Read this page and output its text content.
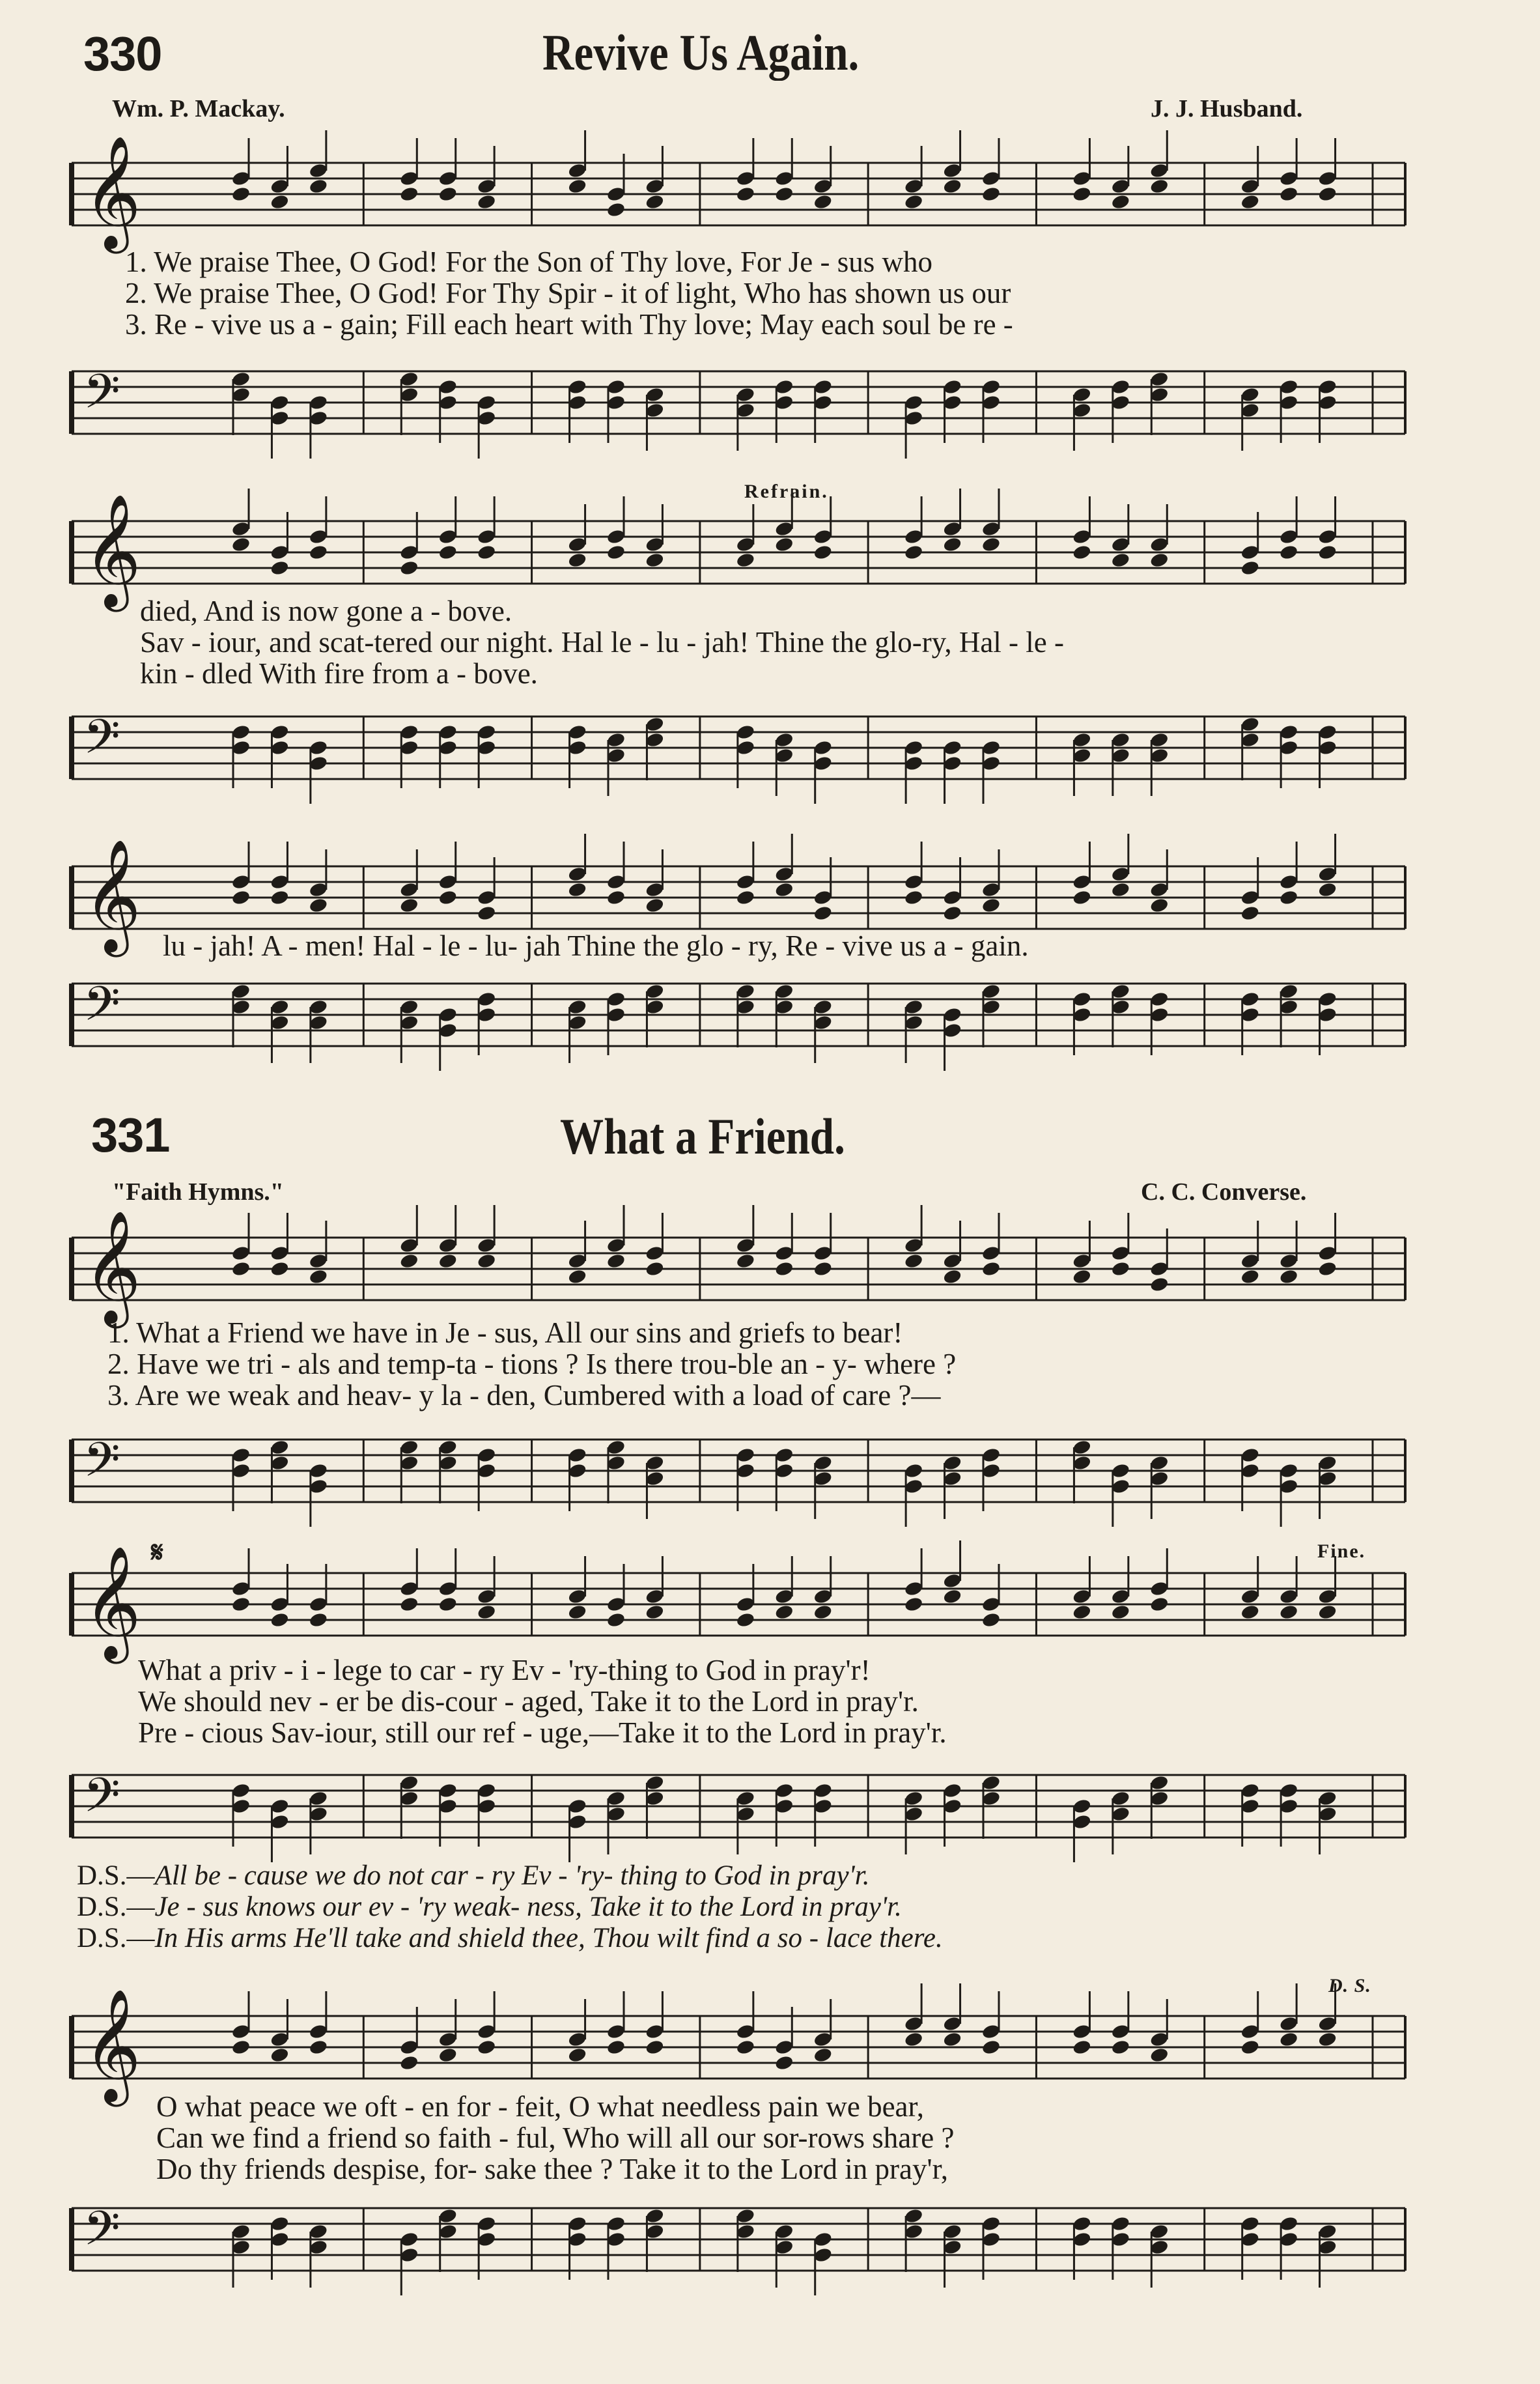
330	Revive Us Again.
Wm. P. Mackay.	J. J. Husband.
𝄞
1. We praise Thee, O God! For the Son of Thy love, For Je - sus who
2. We praise Thee, O God! For Thy Spir - it of light, Who has shown us our
3. Re - vive us a - gain; Fill each heart with Thy love; May each soul be re -
𝄢
Refrain.
𝄞
died, And is now gone a - bove.
Sav - iour, and scat-tered our night. Hal le - lu - jah! Thine the glo-ry, Hal - le -
kin - dled With fire from a - bove.
𝄢
𝄞 lu - jah! A - men! Hal - le - lu- jah Thine the glo - ry, Re - vive us a - gain.
𝄢
331	What a Friend.
"Faith Hymns."	C. C. Converse.
𝄞
1. What a Friend we have in Je - sus, All our sins and griefs to bear!
2. Have we tri - als and temp-ta - tions ? Is there trou-ble an - y- where ?
3. Are we weak and heav- y la - den, Cumbered with a load of care ?—
𝄢
Fine.
𝄋
𝄞
What a priv - i - lege to car - ry Ev - 'ry-thing to God in pray'r!
We should nev - er be dis-cour - aged, Take it to the Lord in pray'r.
Pre - cious Sav-iour, still our ref - uge,—Take it to the Lord in pray'r.
𝄢
D.S.—All be - cause we do not car - ry Ev - 'ry- thing to God in pray'r.
D.S.—Je - sus knows our ev - 'ry weak- ness, Take it to the Lord in pray'r.
D.S.—In His arms He'll take and shield thee, Thou wilt find a so - lace there.
D. S.
𝄞
O what peace we oft - en for - feit, O what needless pain we bear,
Can we find a friend so faith - ful, Who will all our sor-rows share ?
Do thy friends despise, for- sake thee ? Take it to the Lord in pray'r,
𝄢
